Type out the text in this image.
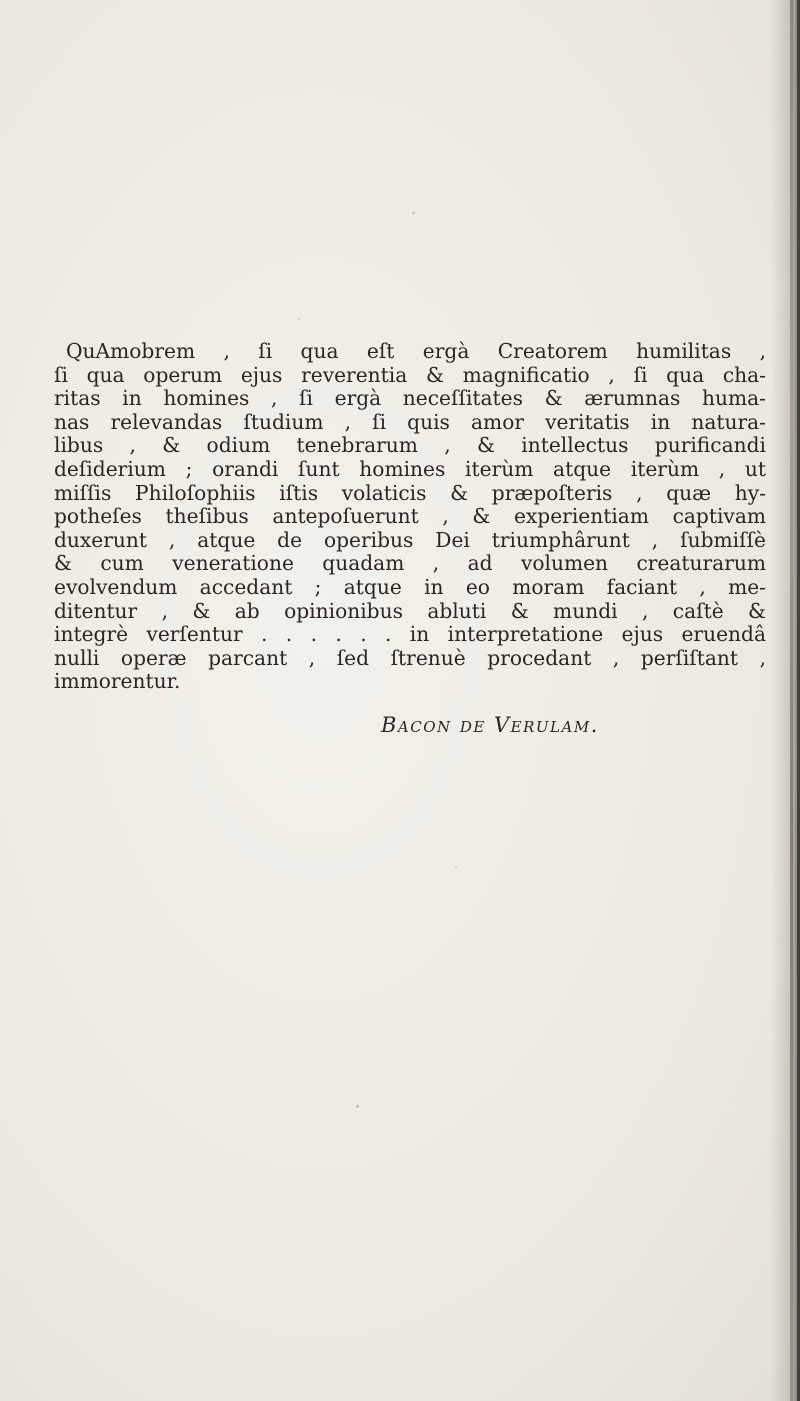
QuAmobrem , ſi qua eſt ergà Creatorem humilitas ,
ſi qua operum ejus reverentia & magnificatio , ſi qua cha-
ritas in homines , ſi ergà neceſſitates & ærumnas huma-
nas relevandas ſtudium , ſi quis amor veritatis in natura-
libus , & odium tenebrarum , & intellectus purificandi
deſiderium ; orandi ſunt homines iterùm atque iterùm , ut
miſſis Philoſophiis iſtis volaticis & præpoſteris , quæ hy-
potheſes theſibus antepoſuerunt , & experientiam captivam
duxerunt , atque de operibus Dei triumphârunt , ſubmiſſè
& cum veneratione quadam , ad volumen creaturarum
evolvendum accedant ; atque in eo moram faciant , me-
ditentur , & ab opinionibus abluti & mundi , caſtè &
integrè verſentur . . . . . . in interpretatione ejus eruendâ
nulli operæ parcant , ſed ſtrenuè procedant , perſiſtant ,
immorentur.
Bacon de Verulam.
